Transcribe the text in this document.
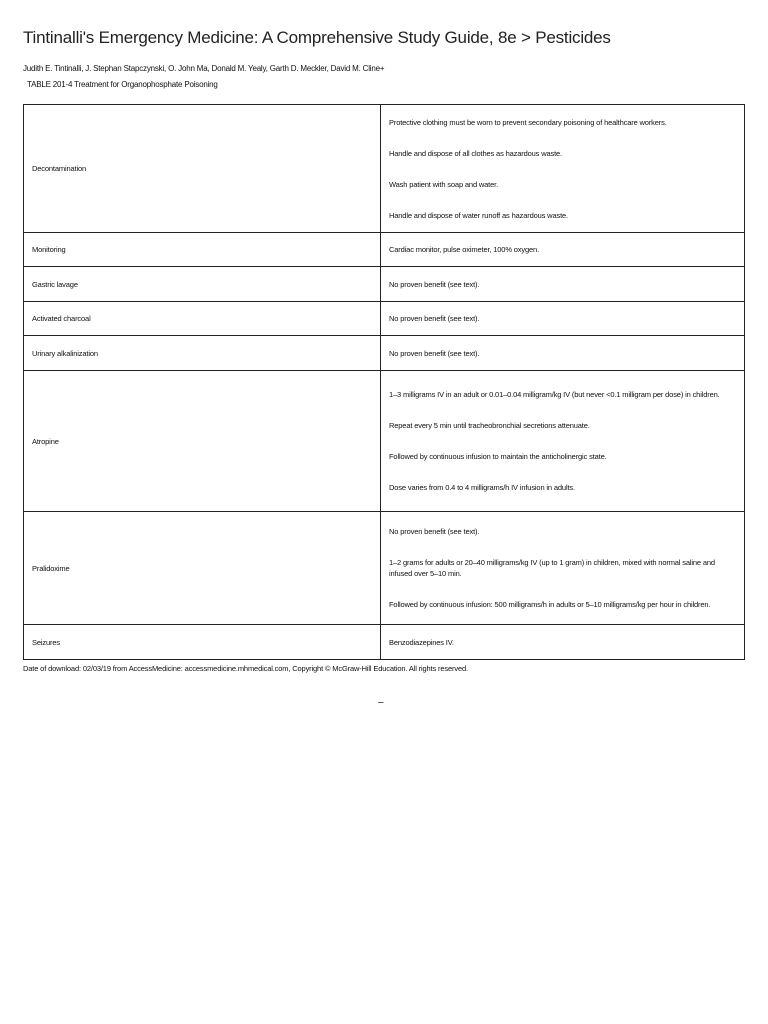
Tintinalli's Emergency Medicine: A Comprehensive Study Guide, 8e > Pesticides
Judith E. Tintinalli, J. Stephan Stapczynski, O. John Ma, Donald M. Yealy, Garth D. Meckler, David M. Cline+
TABLE 201-4 Treatment for Organophosphate Poisoning
Decontamination	Protective clothing must be worn to prevent secondary poisoning of healthcare workers.

Handle and dispose of all clothes as hazardous waste.

Wash patient with soap and water.

Handle and dispose of water runoff as hazardous waste.

Monitoring	Cardiac monitor, pulse oximeter, 100% oxygen.

Gastric lavage	No proven benefit (see text).

Activated charcoal	No proven benefit (see text).

Urinary alkalinization	No proven benefit (see text).

Atropine	1–3 milligrams IV in an adult or 0.01–0.04 milligram/kg IV (but never <0.1 milligram per dose) in children.

Repeat every 5 min until tracheobronchial secretions attenuate.

Followed by continuous infusion to maintain the anticholinergic state.

Dose varies from 0.4 to 4 milligrams/h IV infusion in adults.

Pralidoxime	No proven benefit (see text).

1–2 grams for adults or 20–40 milligrams/kg IV (up to 1 gram) in children, mixed with normal saline and infused over 5–10 min.

Followed by continuous infusion: 500 milligrams/h in adults or 5–10 milligrams/kg per hour in children.

Seizures	Benzodiazepines IV.

Date of download: 02/03/19 from AccessMedicine: accessmedicine.mhmedical.com, Copyright © McGraw-Hill Education. All rights reserved.
–
